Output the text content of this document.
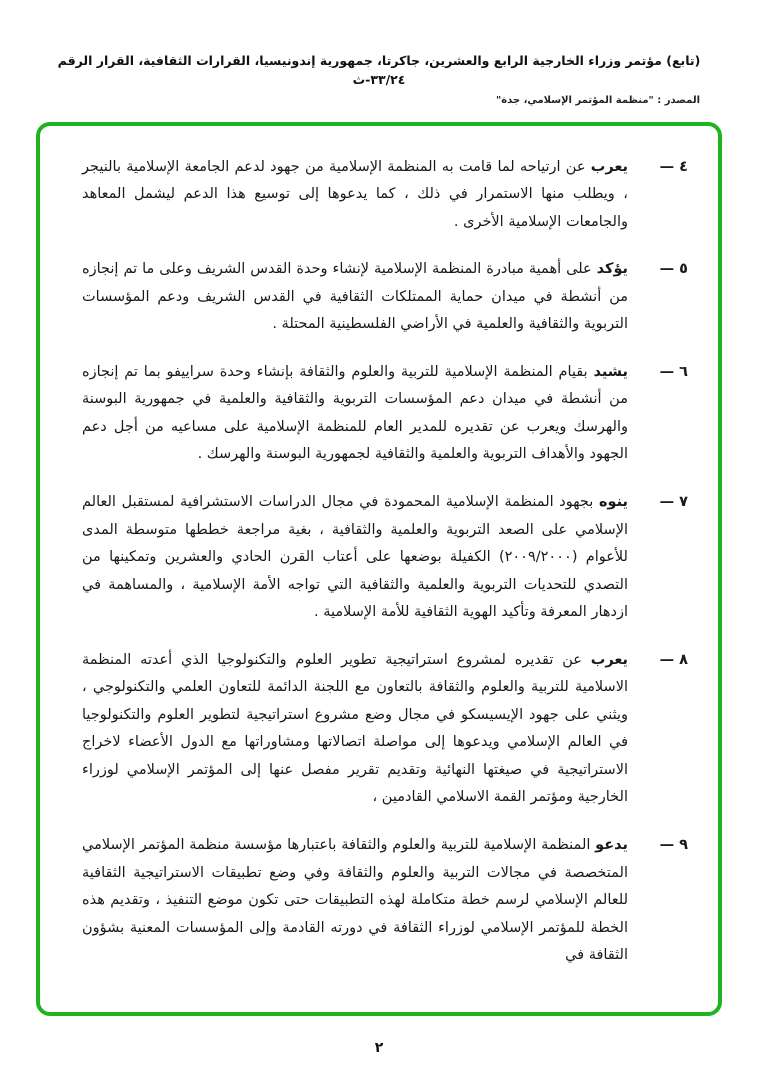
(تابع) مؤتمر وزراء الخارجية الرابع والعشرين، جاكرتا، جمهورية إندونيسيا، القرارات الثقافية، القرار الرقم ٣٣/٢٤-ث
المصدر : "منظمة المؤتمر الإسلامي، جدة"
٤ —
يعرب عن ارتياحه لما قامت به المنظمة الإسلامية من جهود لدعم الجامعة الإسلامية بالنيجر ، ويطلب منها الاستمرار في ذلك ، كما يدعوها إلى توسيع هذا الدعم ليشمل المعاهد والجامعات الإسلامية الأخرى .
٥ —
يؤكد على أهمية مبادرة المنظمة الإسلامية لإنشاء وحدة القدس الشريف وعلى ما تم إنجازه من أنشطة في ميدان حماية الممتلكات الثقافية في القدس الشريف ودعم المؤسسات التربوية والثقافية والعلمية في الأراضي الفلسطينية المحتلة .
٦ —
يشيد بقيام المنظمة الإسلامية للتربية والعلوم والثقافة بإنشاء وحدة سراييفو بما تم إنجازه من أنشطة في ميدان دعم المؤسسات التربوية والثقافية والعلمية في جمهورية البوسنة والهرسك ويعرب عن تقديره للمدير العام للمنظمة الإسلامية على مساعيه من أجل دعم الجهود والأهداف التربوية والعلمية والثقافية لجمهورية البوسنة والهرسك .
٧ —
ينوه بجهود المنظمة الإسلامية المحمودة في مجال الدراسات الاستشرافية لمستقبل العالم الإسلامي على الصعد التربوية والعلمية والثقافية ، بغية مراجعة خططها متوسطة المدى للأعوام (٢٠٠٩/٢٠٠٠) الكفيلة بوضعها على أعتاب القرن الحادي والعشرين وتمكينها من التصدي للتحديات التربوية والعلمية والثقافية التي تواجه الأمة الإسلامية ، والمساهمة في ازدهار المعرفة وتأكيد الهوية الثقافية للأمة الإسلامية .
٨ —
يعرب عن تقديره لمشروع استراتيجية تطوير العلوم والتكنولوجيا الذي أعدته المنظمة الاسلامية للتربية والعلوم والثقافة بالتعاون مع اللجنة الدائمة للتعاون العلمي والتكنولوجي ، ويثني على جهود الإيسيسكو في مجال وضع مشروع استراتيجية لتطوير العلوم والتكنولوجيا في العالم الإسلامي ويدعوها إلى مواصلة اتصالاتها ومشاوراتها مع الدول الأعضاء لاخراج الاستراتيجية في صيغتها النهائية وتقديم تقرير مفصل عنها إلى المؤتمر الإسلامي لوزراء الخارجية ومؤتمر القمة الاسلامي القادمين ،
٩ —
يدعو المنظمة الإسلامية للتربية والعلوم والثقافة باعتبارها مؤسسة منظمة المؤتمر الإسلامي المتخصصة في مجالات التربية والعلوم والثقافة وفي وضع تطبيقات الاستراتيجية الثقافية للعالم الإسلامي لرسم خطة متكاملة لهذه التطبيقات حتى تكون موضع التنفيذ ، وتقديم هذه الخطة للمؤتمر الإسلامي لوزراء الثقافة في دورته القادمة وإلى المؤسسات المعنية بشؤون الثقافة في
٢
